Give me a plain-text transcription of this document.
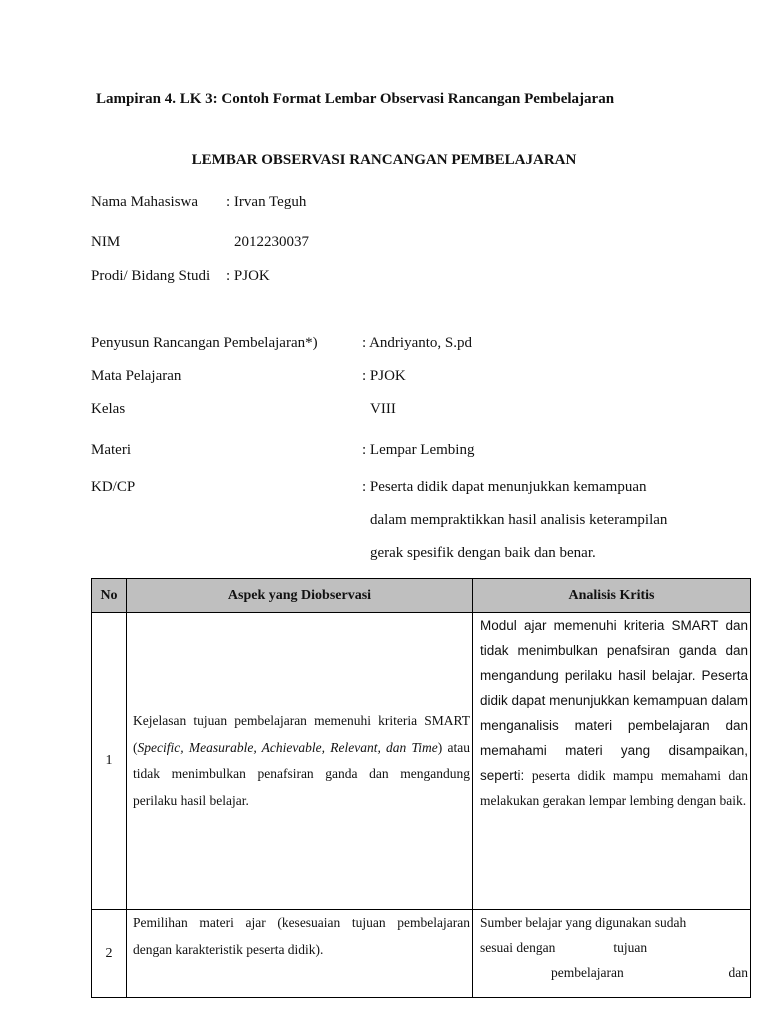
Lampiran 4. LK 3: Contoh Format Lembar Observasi Rancangan Pembelajaran
LEMBAR OBSERVASI RANCANGAN PEMBELAJARAN
Nama Mahasiswa : Irvan Teguh
NIM	2012230037
Prodi/ Bidang Studi : PJOK
Penyusun Rancangan Pembelajaran*)	: Andriyanto, S.pd
Mata Pelajaran	: PJOK
Kelas	VIII
Materi	: Lempar Lembing
KD/CP	: Peserta didik dapat menunjukkan kemampuan
dalam mempraktikkan hasil analisis keterampilan
gerak spesifik dengan baik dan benar.
No	Aspek yang Diobservasi	Analisis Kritis
1	Kejelasan tujuan pembelajaran memenuhi kriteria SMART (Specific, Measurable, Achievable, Relevant, dan Time) atau tidak menimbulkan penafsiran ganda dan mengandung perilaku hasil belajar.	Modul ajar memenuhi kriteria SMART dan tidak menimbulkan penafsiran ganda dan mengandung perilaku hasil belajar. Peserta didik dapat menunjukkan kemampuan dalam menganalisis materi pembelajaran dan memahami materi yang disampaikan, seperti: peserta didik mampu memahami dan melakukan gerakan lempar lembing dengan baik.
2	Pemilihan materi ajar (kesesuaian tujuan pembelajaran dengan karakteristik peserta didik).	Sumber belajar yang digunakan sudah
sesuai dengan tujuan
pembelajaran dan
